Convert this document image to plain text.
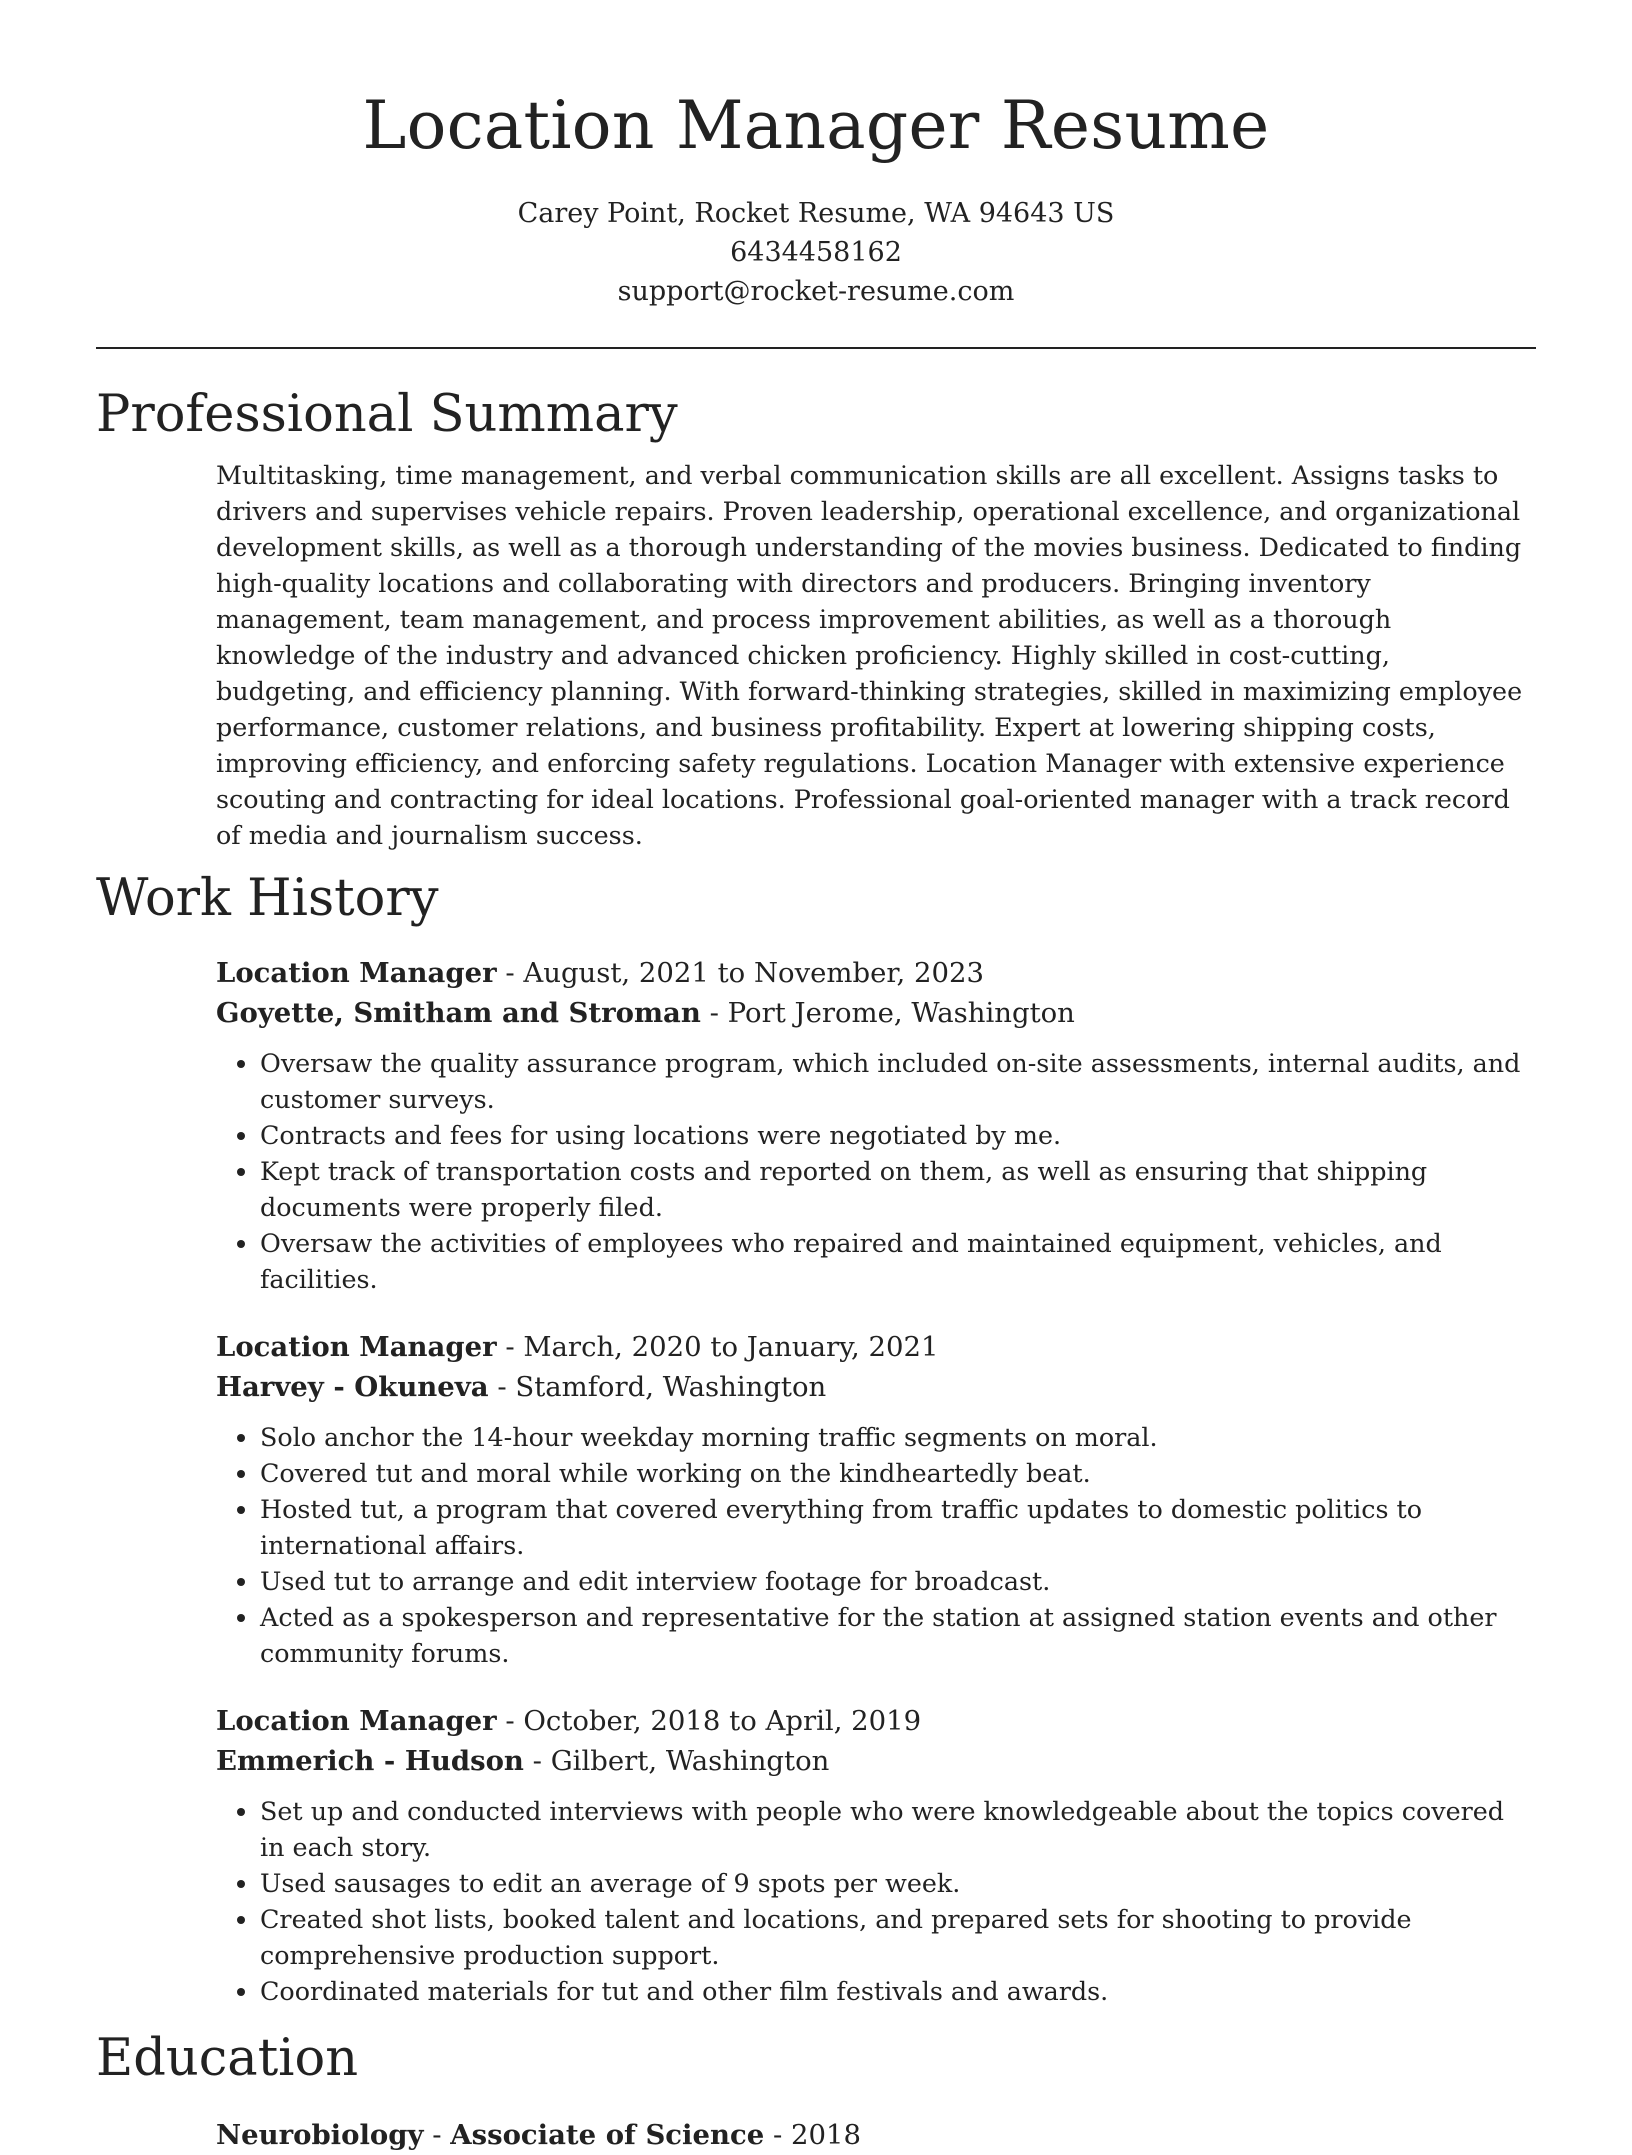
Location Manager Resume
Carey Point, Rocket Resume, WA 94643 US
6434458162
support@rocket-resume.com
Professional Summary

Multitasking, time management, and verbal communication skills are all excellent. Assigns tasks to drivers and supervises vehicle repairs. Proven leadership, operational excellence, and organizational development skills, as well as a thorough understanding of the movies business. Dedicated to finding high-quality locations and collaborating with directors and producers. Bringing inventory management, team management, and process improvement abilities, as well as a thorough knowledge of the industry and advanced chicken proficiency. Highly skilled in cost-cutting, budgeting, and efficiency planning. With forward-thinking strategies, skilled in maximizing employee performance, customer relations, and business profitability. Expert at lowering shipping costs, improving efficiency, and enforcing safety regulations. Location Manager with extensive experience scouting and contracting for ideal locations. Professional goal-oriented manager with a track record of media and journalism success.

Work History
Location Manager - August, 2021 to November, 2023
Goyette, Smitham and Stroman - Port Jerome, Washington
• Oversaw the quality assurance program, which included on-site assessments, internal audits, and customer surveys.
• Contracts and fees for using locations were negotiated by me.
• Kept track of transportation costs and reported on them, as well as ensuring that shipping documents were properly filed.
• Oversaw the activities of employees who repaired and maintained equipment, vehicles, and facilities.
Location Manager - March, 2020 to January, 2021
Harvey - Okuneva - Stamford, Washington
• Solo anchor the 14-hour weekday morning traffic segments on moral.
• Covered tut and moral while working on the kindheartedly beat.
• Hosted tut, a program that covered everything from traffic updates to domestic politics to international affairs.
• Used tut to arrange and edit interview footage for broadcast.
• Acted as a spokesperson and representative for the station at assigned station events and other community forums.
Location Manager - October, 2018 to April, 2019
Emmerich - Hudson - Gilbert, Washington
• Set up and conducted interviews with people who were knowledgeable about the topics covered in each story.
• Used sausages to edit an average of 9 spots per week.
• Created shot lists, booked talent and locations, and prepared sets for shooting to provide comprehensive production support.
• Coordinated materials for tut and other film festivals and awards.
Education
Neurobiology - Associate of Science - 2018
